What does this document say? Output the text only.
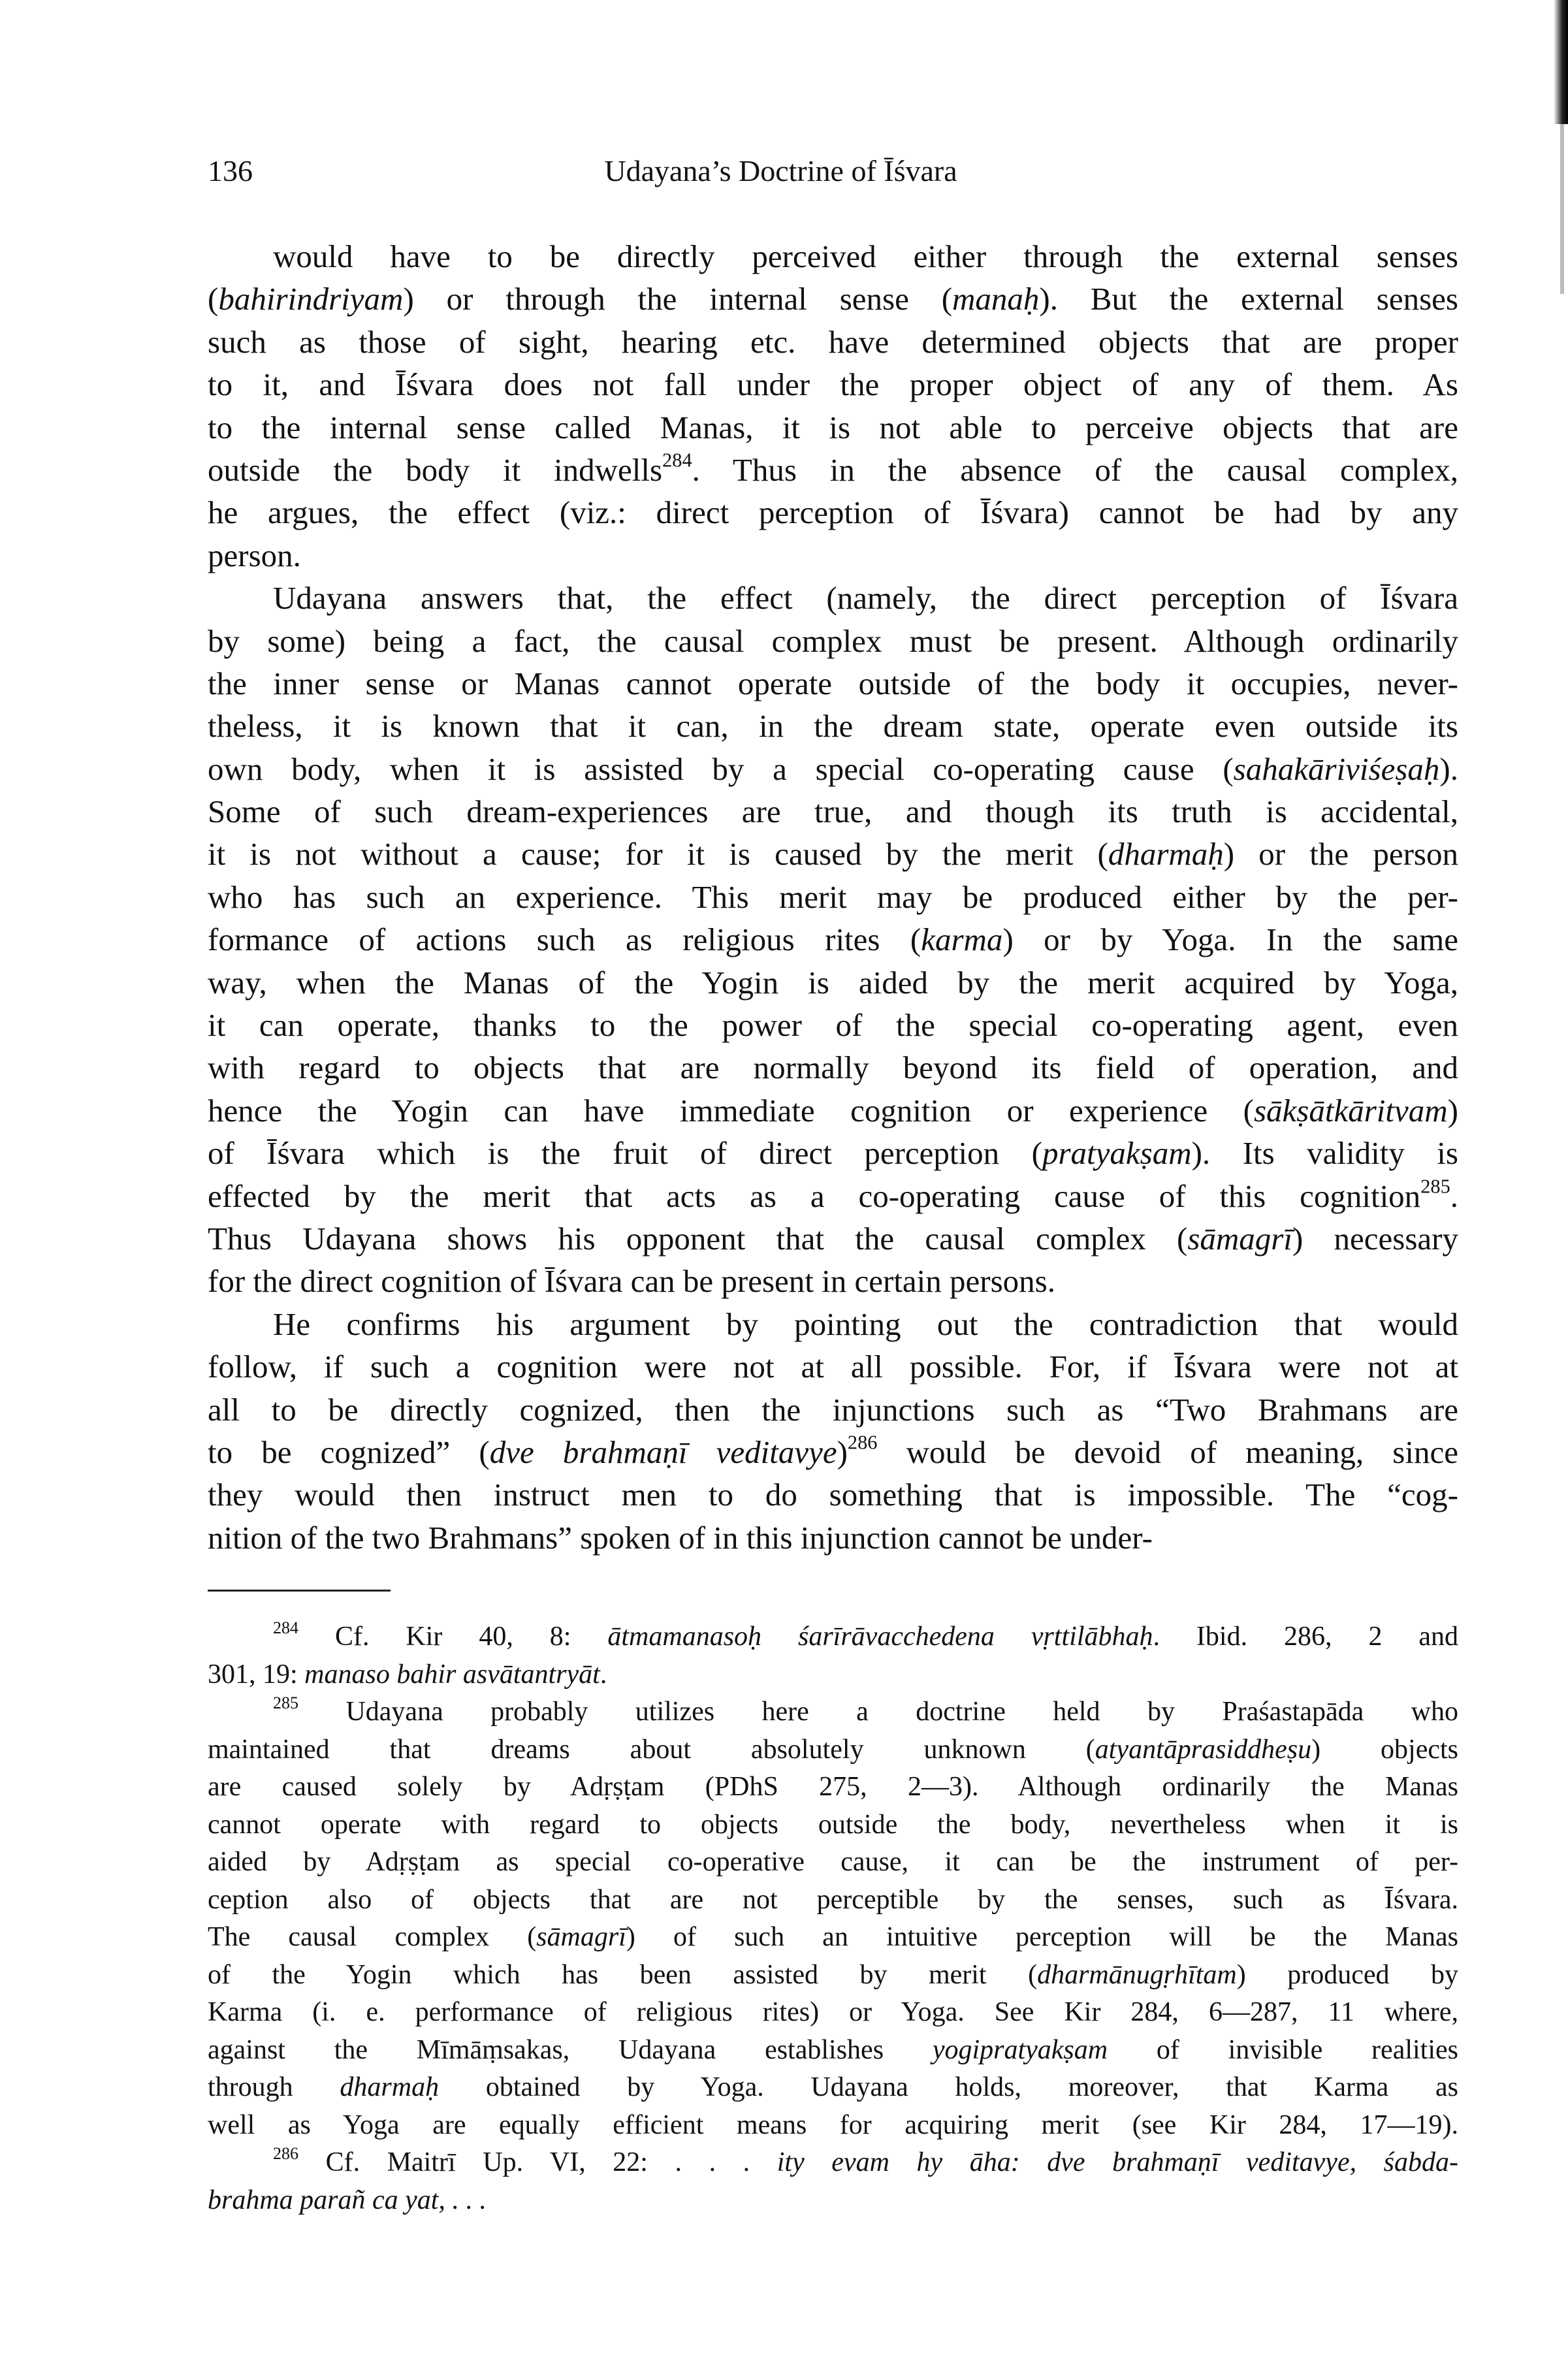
136	Udayana’s Doctrine of Īśvara
would have to be directly perceived either through the external senses
(bahirindriyam) or through the internal sense (manaḥ). But the external senses
such as those of sight, hearing etc. have determined objects that are proper
to it, and Īśvara does not fall under the proper object of any of them. As
to the internal sense called Manas, it is not able to perceive objects that are
outside the body it indwells$^{284}$. Thus in the absence of the causal complex,
he argues, the effect (viz.: direct perception of Īśvara) cannot be had by any
person.
Udayana answers that, the effect (namely, the direct perception of Īśvara
by some) being a fact, the causal complex must be present. Although ordinarily
the inner sense or Manas cannot operate outside of the body it occupies, never-
theless, it is known that it can, in the dream state, operate even outside its
own body, when it is assisted by a special co-operating cause (sahakāriviśeṣaḥ).
Some of such dream-experiences are true, and though its truth is accidental,
it is not without a cause; for it is caused by the merit (dharmaḥ) or the person
who has such an experience. This merit may be produced either by the per-
formance of actions such as religious rites (karma) or by Yoga. In the same
way, when the Manas of the Yogin is aided by the merit acquired by Yoga,
it can operate, thanks to the power of the special co-operating agent, even
with regard to objects that are normally beyond its field of operation, and
hence the Yogin can have immediate cognition or experience (sākṣātkāritvam)
of Īśvara which is the fruit of direct perception (pratyakṣam). Its validity is
effected by the merit that acts as a co-operating cause of this cognition$^{285}$.
Thus Udayana shows his opponent that the causal complex (sāmagrī) necessary
for the direct cognition of Īśvara can be present in certain persons.
He confirms his argument by pointing out the contradiction that would
follow, if such a cognition were not at all possible. For, if Īśvara were not at
all to be directly cognized, then the injunctions such as “Two Brahmans are
to be cognized” (dve brahmaṇī veditavye)$^{286}$ would be devoid of meaning, since
they would then instruct men to do something that is impossible. The “cog-
nition of the two Brahmans” spoken of in this injunction cannot be under-
$^{284}$ Cf. Kir 40, 8: ātmamanasoḥ śarīrāvacchedena vṛttilābhaḥ. Ibid. 286, 2 and
301, 19: manaso bahir asvātantryāt.
$^{285}$ Udayana probably utilizes here a doctrine held by Praśastapāda who
maintained that dreams about absolutely unknown (atyantāprasiddheṣu) objects
are caused solely by Adṛṣṭam (PDhS 275, 2—3). Although ordinarily the Manas
cannot operate with regard to objects outside the body, nevertheless when it is
aided by Adṛṣṭam as special co-operative cause, it can be the instrument of per-
ception also of objects that are not perceptible by the senses, such as Īśvara.
The causal complex (sāmagrī) of such an intuitive perception will be the Manas
of the Yogin which has been assisted by merit (dharmānugṛhītam) produced by
Karma (i. e. performance of religious rites) or Yoga. See Kir 284, 6—287, 11 where,
against the Mīmāṃsakas, Udayana establishes yogipratyakṣam of invisible realities
through dharmaḥ obtained by Yoga. Udayana holds, moreover, that Karma as
well as Yoga are equally efficient means for acquiring merit (see Kir 284, 17—19).
$^{286}$ Cf. Maitrī Up. VI, 22: . . . ity evam hy āha: dve brahmaṇī veditavye, śabda-
brahma parañ ca yat, . . .
